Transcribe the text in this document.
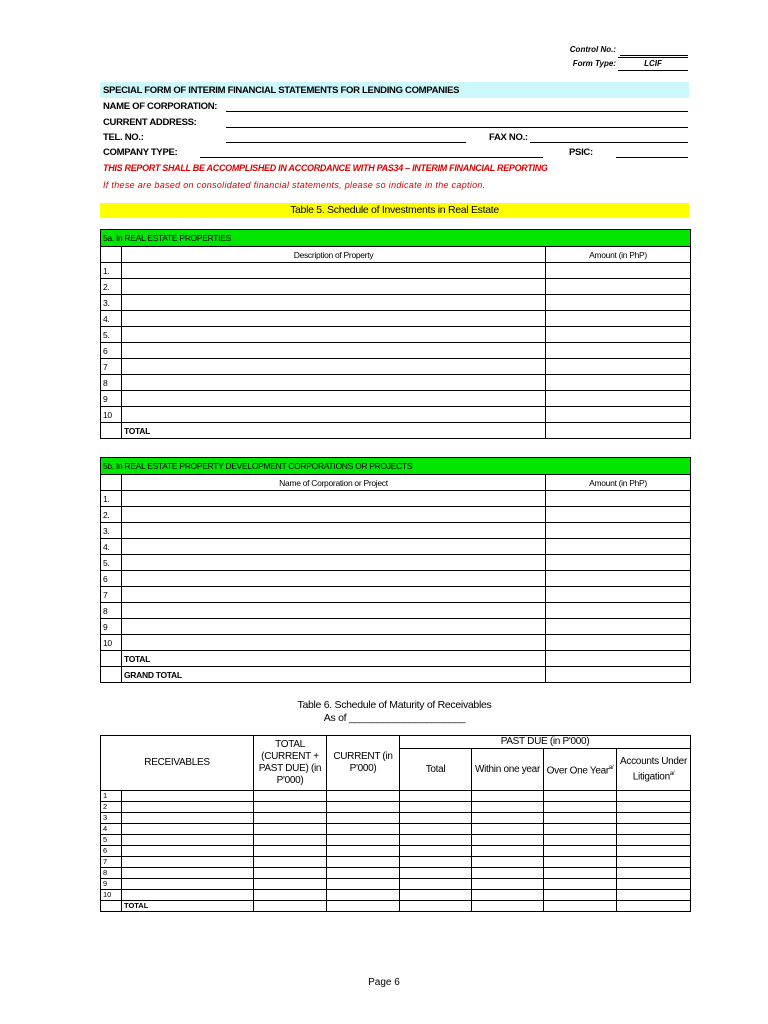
Control No.:
Form Type:	LCIF
SPECIAL FORM OF INTERIM FINANCIAL STATEMENTS FOR LENDING COMPANIES
NAME OF CORPORATION:
CURRENT ADDRESS:
TEL. NO.:	FAX NO.:
COMPANY TYPE:	PSIC:
THIS REPORT SHALL BE ACCOMPLISHED IN ACCORDANCE WITH PAS34 – INTERIM FINANCIAL REPORTING
If these are based on consolidated financial statements, please so indicate in the caption.
Table 5. Schedule of Investments in Real Estate
5a. In REAL ESTATE PROPERTIES		
	Description of Property	Amount (in PhP)
1.		
2.		
3.		
4.		
5.		
6		
7		
8		
9		
10		
	TOTAL	
5b. In REAL ESTATE PROPERTY DEVELOPMENT CORPORATIONS OR PROJECTS		
	Name of Corporation or Project	Amount (in PhP)
1.		
2.		
3.		
4.		
5.		
6		
7		
8		
9		
10		
	TOTAL	
	GRAND TOTAL	
Table 6. Schedule of Maturity of Receivables
As of _____________________
RECEIVABLES		TOTAL (CURRENT + PAST DUE) (in P'000)	CURRENT (in P'000)	PAST DUE (in P'000)			
				Total	Within one year	Over One Year$^{a/}$	Accounts Under Litigation$^{a/}$
1							
2							
3							
4							
5							
6							
7							
8							
9							
10							
	TOTAL						
Page 6
